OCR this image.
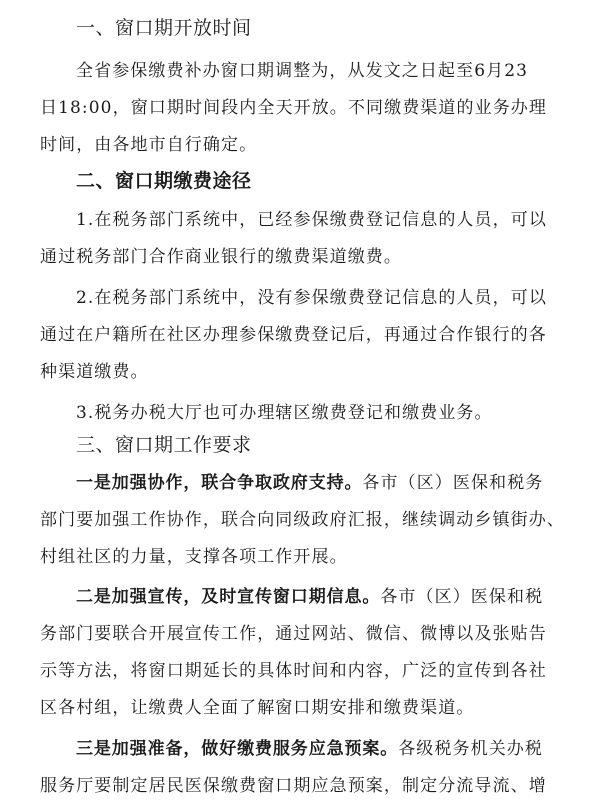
一、窗口期开放时间
全省参保缴费补办窗口期调整为，从发文之日起至6月23
日18:00，窗口期时间段内全天开放。不同缴费渠道的业务办理
时间，由各地市自行确定。
二、窗口期缴费途径
1.在税务部门系统中，已经参保缴费登记信息的人员，可以
通过税务部门合作商业银行的缴费渠道缴费。
2.在税务部门系统中，没有参保缴费登记信息的人员，可以
通过在户籍所在社区办理参保缴费登记后，再通过合作银行的各
种渠道缴费。
3.税务办税大厅也可办理辖区缴费登记和缴费业务。
三、窗口期工作要求
一是加强协作，联合争取政府支持。各市（区）医保和税务
部门要加强工作协作，联合向同级政府汇报，继续调动乡镇街办、
村组社区的力量，支撑各项工作开展。
二是加强宣传，及时宣传窗口期信息。各市（区）医保和税
务部门要联合开展宣传工作，通过网站、微信、微博以及张贴告
示等方法，将窗口期延长的具体时间和内容，广泛的宣传到各社
区各村组，让缴费人全面了解窗口期安排和缴费渠道。
三是加强准备，做好缴费服务应急预案。各级税务机关办税
服务厅要制定居民医保缴费窗口期应急预案，制定分流导流、增
